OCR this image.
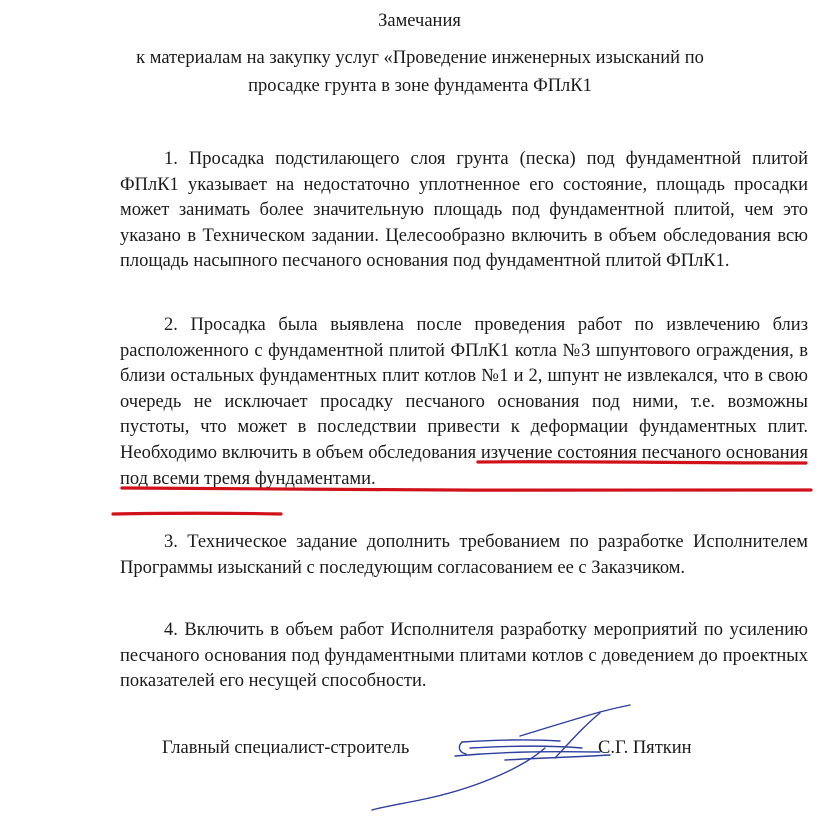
Замечания
к материалам на закупку услуг «Проведение инженерных изысканий по просадке грунта в зоне фундамента ФПлК1

1. Просадка подстилающего слоя грунта (песка) под фундаментной плитой ФПлК1 указывает на недостаточно уплотненное его состояние, площадь просадки может занимать более значительную площадь под фундаментной плитой, чем это указано в Техническом задании. Целесообразно включить в объем обследования всю площадь насыпного песчаного основания под фундаментной плитой ФПлК1.

2. Просадка была выявлена после проведения работ по извлечению близ расположенного с фундаментной плитой ФПлК1 котла №3 шпунтового ограждения, в близи остальных фундаментных плит котлов №1 и 2, шпунт не извлекался, что в свою очередь не исключает просадку песчаного основания под ними, т.е. возможны пустоты, что может в последствии привести к деформации фундаментных плит. Необходимо включить в объем обследования изучение состояния песчаного основания под всеми тремя фундаментами.

3. Техническое задание дополнить требованием по разработке Исполнителем Программы изысканий с последующим согласованием ее с Заказчиком.

4. Включить в объем работ Исполнителя разработку мероприятий по усилению песчаного основания под фундаментными плитами котлов с доведением до проектных показателей его несущей способности.

Главный специалист-строитель	С.Г. Пяткин
